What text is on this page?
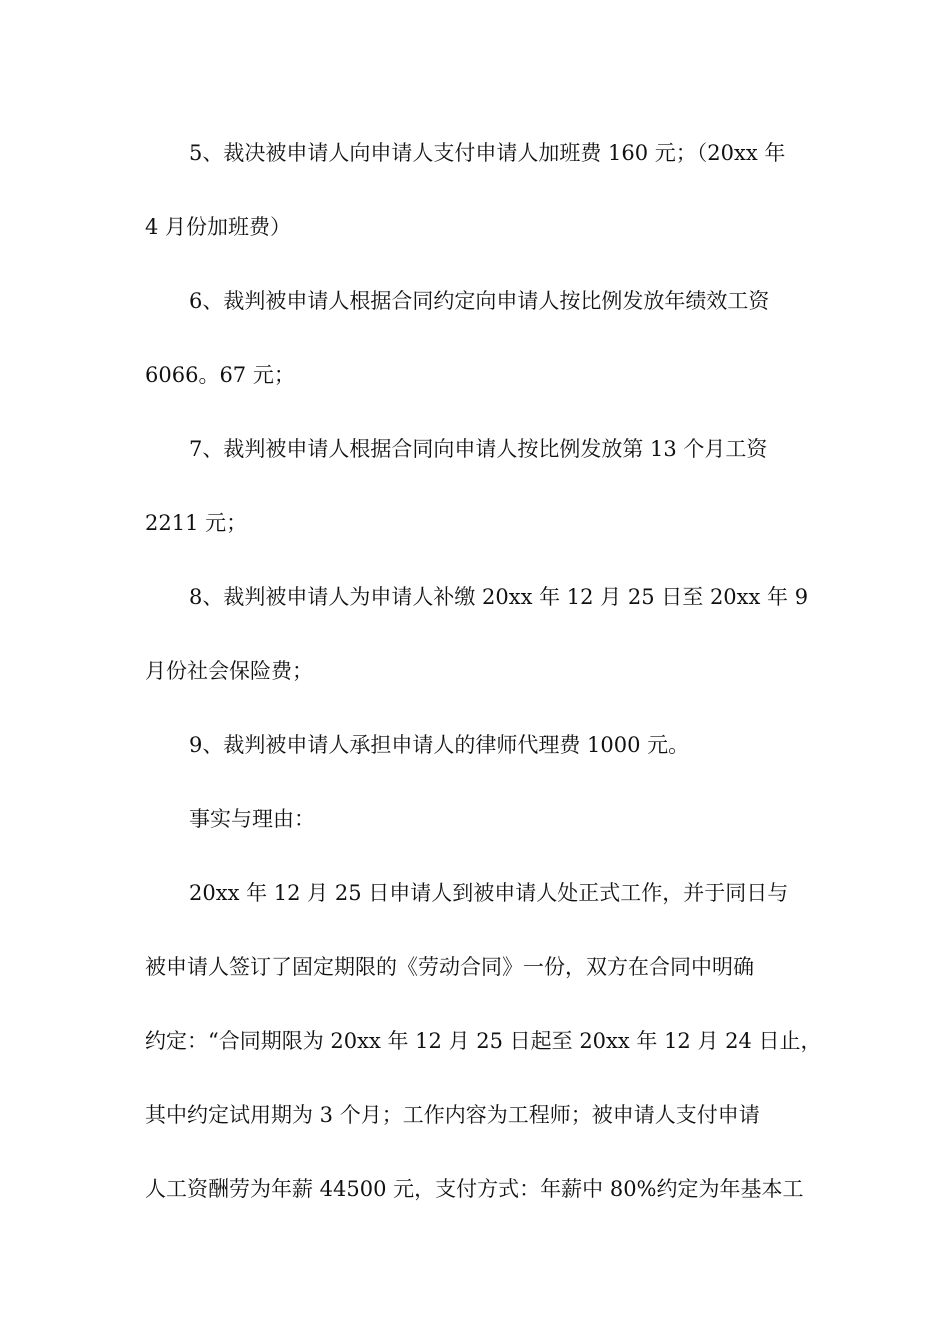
5、裁决被申请人向申请人支付申请人加班费 160 元；（20xx 年
4 月份加班费）
6、裁判被申请人根据合同约定向申请人按比例发放年绩效工资
6066。67 元；
7、裁判被申请人根据合同向申请人按比例发放第 13 个月工资
2211 元；
8、裁判被申请人为申请人补缴 20xx 年 12 月 25 日至 20xx 年 9
月份社会保险费；
9、裁判被申请人承担申请人的律师代理费 1000 元。
事实与理由：
20xx 年 12 月 25 日申请人到被申请人处正式工作，并于同日与
被申请人签订了固定期限的《劳动合同》一份，双方在合同中明确
约定：“合同期限为 20xx 年 12 月 25 日起至 20xx 年 12 月 24 日止，
其中约定试用期为 3 个月；工作内容为工程师；被申请人支付申请
人工资酬劳为年薪 44500 元，支付方式：年薪中 80%约定为年基本工
